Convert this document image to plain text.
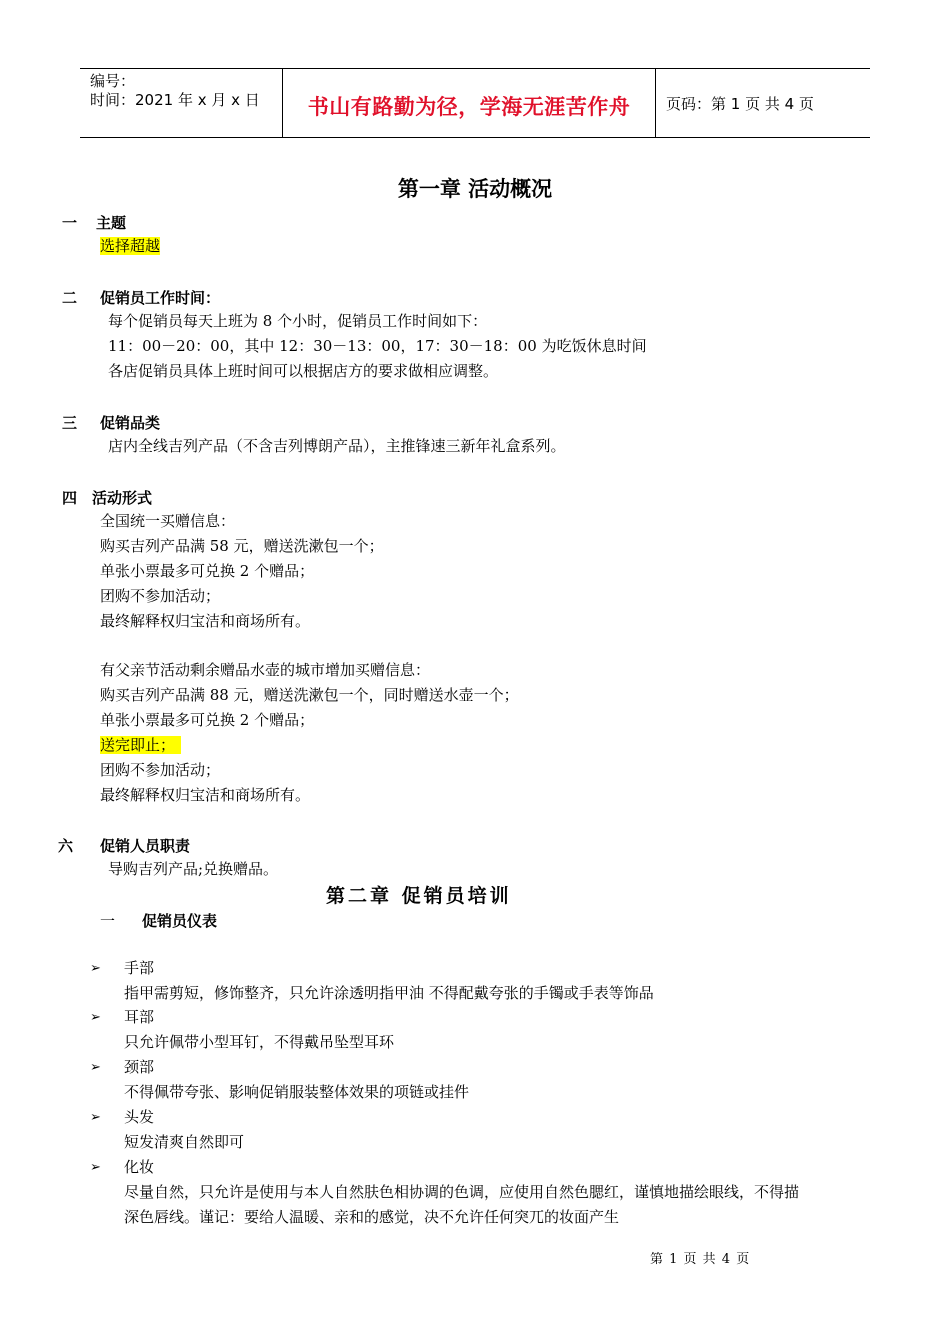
编号：
时间：2021 年 x 月 x 日	书山有路勤为径，学海无涯苦作舟	页码：第 1 页 共 4 页
第一章 活动概况
一 主题
选择超越
二 促销员工作时间：
每个促销员每天上班为 8 个小时，促销员工作时间如下：
11：00－20：00，其中 12：30－13：00，17：30－18：00 为吃饭休息时间
各店促销员具体上班时间可以根据店方的要求做相应调整。
三 促销品类
店内全线吉列产品（不含吉列博朗产品），主推锋速三新年礼盒系列。
四 活动形式
全国统一买赠信息：
购买吉列产品满 58 元，赠送洗漱包一个；
单张小票最多可兑换 2 个赠品；
团购不参加活动；
最终解释权归宝洁和商场所有。
有父亲节活动剩余赠品水壶的城市增加买赠信息：
购买吉列产品满 88 元，赠送洗漱包一个，同时赠送水壶一个；
单张小票最多可兑换 2 个赠品；
送完即止；
团购不参加活动；
最终解释权归宝洁和商场所有。
六 促销人员职责
导购吉列产品;兑换赠品。
第二章 促销员培训
一 促销员仪表
➢ 手部
指甲需剪短，修饰整齐，只允许涂透明指甲油 不得配戴夸张的手镯或手表等饰品
➢ 耳部
只允许佩带小型耳钉，不得戴吊坠型耳环
➢ 颈部
不得佩带夸张、影响促销服装整体效果的项链或挂件
➢ 头发
短发清爽自然即可
➢ 化妆
尽量自然，只允许是使用与本人自然肤色相协调的色调，应使用自然色腮红，谨慎地描绘眼线，不得描
深色唇线。谨记：要给人温暖、亲和的感觉，决不允许任何突兀的妆面产生
第 1 页 共 4 页
